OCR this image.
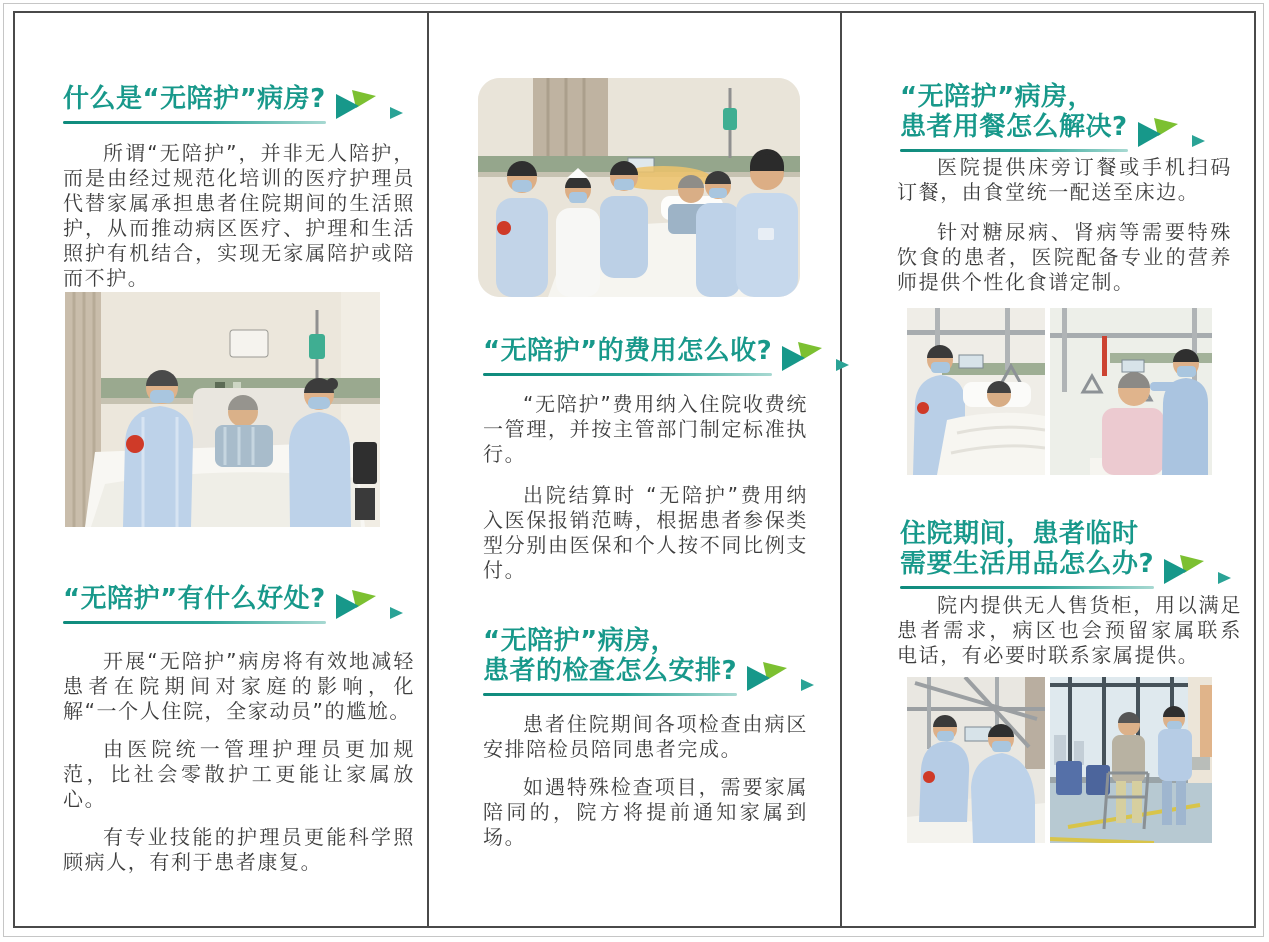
什么是“无陪护”病房?

所谓“无陪护”，并非无人陪护，而是由经过规范化培训的医疗护理员代替家属承担患者住院期间的生活照护，从而推动病区医疗、护理和生活照护有机结合，实现无家属陪护或陪而不护。

“无陪护”有什么好处?

开展“无陪护”病房将有效地减轻患者在院期间对家庭的影响，化解“一个人住院，全家动员”的尴尬。

由医院统一管理护理员更加规范，比社会零散护工更能让家属放心。

有专业技能的护理员更能科学照顾病人，有利于患者康复。

“无陪护”的费用怎么收?

“无陪护”费用纳入住院收费统一管理，并按主管部门制定标准执行。

出院结算时 “无陪护”费用纳入医保报销范畴，根据患者参保类型分别由医保和个人按不同比例支付。

“无陪护”病房，
患者的检查怎么安排?

患者住院期间各项检查由病区安排陪检员陪同患者完成。

如遇特殊检查项目，需要家属陪同的，院方将提前通知家属到场。

“无陪护”病房，
患者用餐怎么解决?

医院提供床旁订餐或手机扫码订餐，由食堂统一配送至床边。

针对糖尿病、肾病等需要特殊饮食的患者，医院配备专业的营养师提供个性化食谱定制。

住院期间，患者临时
需要生活用品怎么办?

院内提供无人售货柜，用以满足患者需求，病区也会预留家属联系电话，有必要时联系家属提供。
